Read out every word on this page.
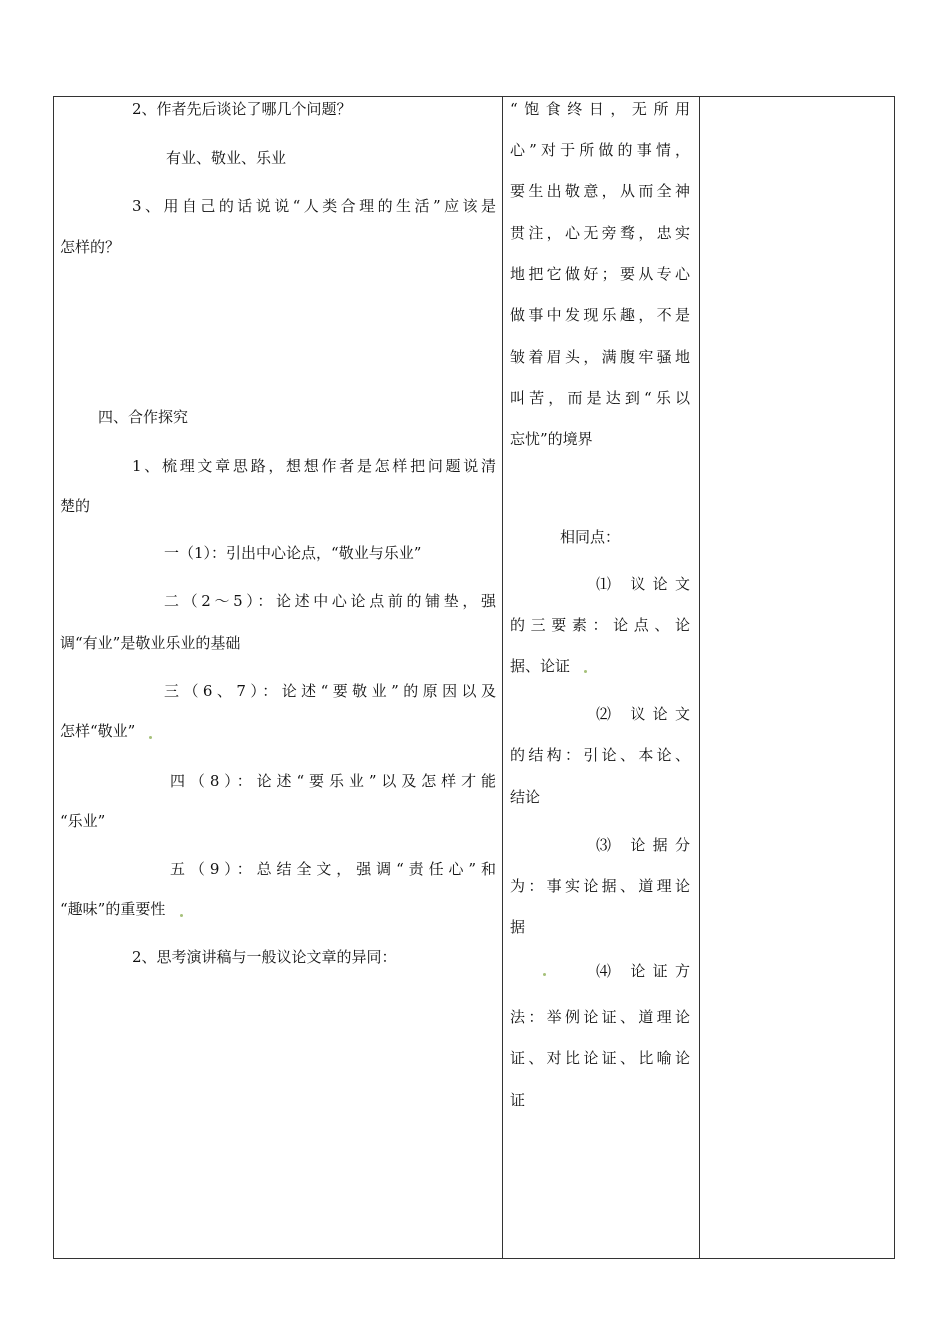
2、作者先后谈论了哪几个问题？
有业、敬业、乐业
3、用自己的话说说“人类合理的生活”应该是
怎样的？
四、合作探究
1、梳理文章思路，想想作者是怎样把问题说清
楚的
一（1）：引出中心论点，“敬业与乐业”
二（2～5）：论述中心论点前的铺垫，强
调“有业”是敬业乐业的基础
三（6、7）：论述“要敬业”的原因以及
怎样“敬业”
四（8）：论述“要乐业”以及怎样才能
“乐业”
五（9）：总结全文，强调“责任心”和
“趣味”的重要性
2、思考演讲稿与一般议论文章的异同：
“饱食终日，无所用
心”对于所做的事情，
要生出敬意，从而全神
贯注，心无旁骛，忠实
地把它做好；要从专心
做事中发现乐趣，不是
皱着眉头，满腹牢骚地
叫苦，而是达到“乐以
忘忧”的境界
相同点：
⑴ 议论文
的三要素：论点、论
据、论证
⑵ 议论文
的结构：引论、本论、
结论
⑶ 论据分
为：事实论据、道理论
据
⑷ 论证方
法：举例论证、道理论
证、对比论证、比喻论
证
